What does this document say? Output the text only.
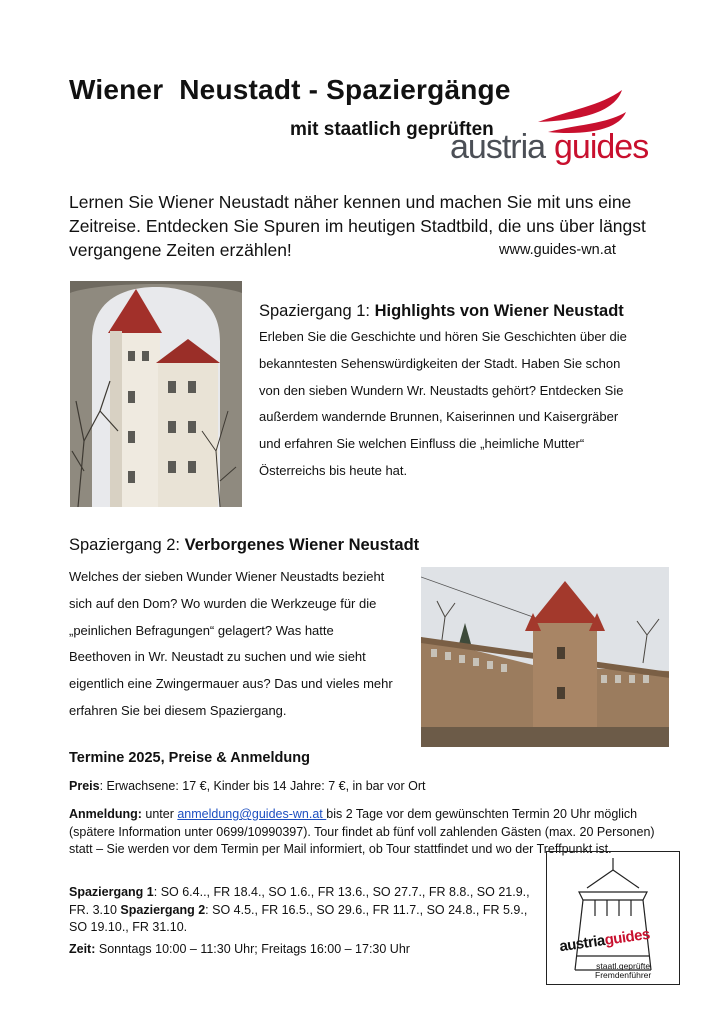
Wiener  Neustadt - Spaziergänge
mit staatlich geprüften
austria guides
Lernen Sie Wiener Neustadt näher kennen und machen Sie mit uns eine Zeitreise. Entdecken Sie Spuren im heutigen Stadtbild, die uns über längst vergangene Zeiten erzählen!	www.guides-wn.at
Spaziergang 1: Highlights von Wiener Neustadt
Erleben Sie die Geschichte und hören Sie Geschichten über die
bekanntesten Sehenswürdigkeiten der Stadt. Haben Sie schon
von den sieben Wundern Wr. Neustadts gehört? Entdecken Sie
außerdem wandernde Brunnen, Kaiserinnen und Kaisergräber
und erfahren Sie welchen Einfluss die „heimliche Mutter“
Österreichs bis heute hat.
Spaziergang 2: Verborgenes Wiener Neustadt
Welches der sieben Wunder Wiener Neustadts bezieht
sich auf den Dom? Wo wurden die Werkzeuge für die
„peinlichen Befragungen“ gelagert? Was hatte
Beethoven in Wr. Neustadt zu suchen und wie sieht
eigentlich eine Zwingermauer aus? Das und vieles mehr
erfahren Sie bei diesem Spaziergang.
Termine 2025, Preise & Anmeldung
Preis: Erwachsene: 17 €, Kinder bis 14 Jahre: 7 €, in bar vor Ort
Anmeldung: unter anmeldung@guides-wn.at bis 2 Tage vor dem gewünschten Termin 20 Uhr möglich (spätere Information unter 0699/10990397). Tour findet ab fünf voll zahlenden Gästen (max. 20 Personen) statt – Sie werden vor dem Termin per Mail informiert, ob Tour stattfindet und wo der Treffpunkt ist.
Spaziergang 1: SO 6.4.., FR 18.4., SO 1.6., FR 13.6., SO 27.7., FR 8.8., SO 21.9., FR. 3.10 Spaziergang 2: SO 4.5., FR 16.5., SO 29.6., FR 11.7., SO 24.8., FR 5.9., SO 19.10., FR 31.10.
Zeit: Sonntags 10:00 – 11:30 Uhr; Freitags 16:00 – 17:30 Uhr	austriaguides
staatl.geprüfte
Fremdenführer
